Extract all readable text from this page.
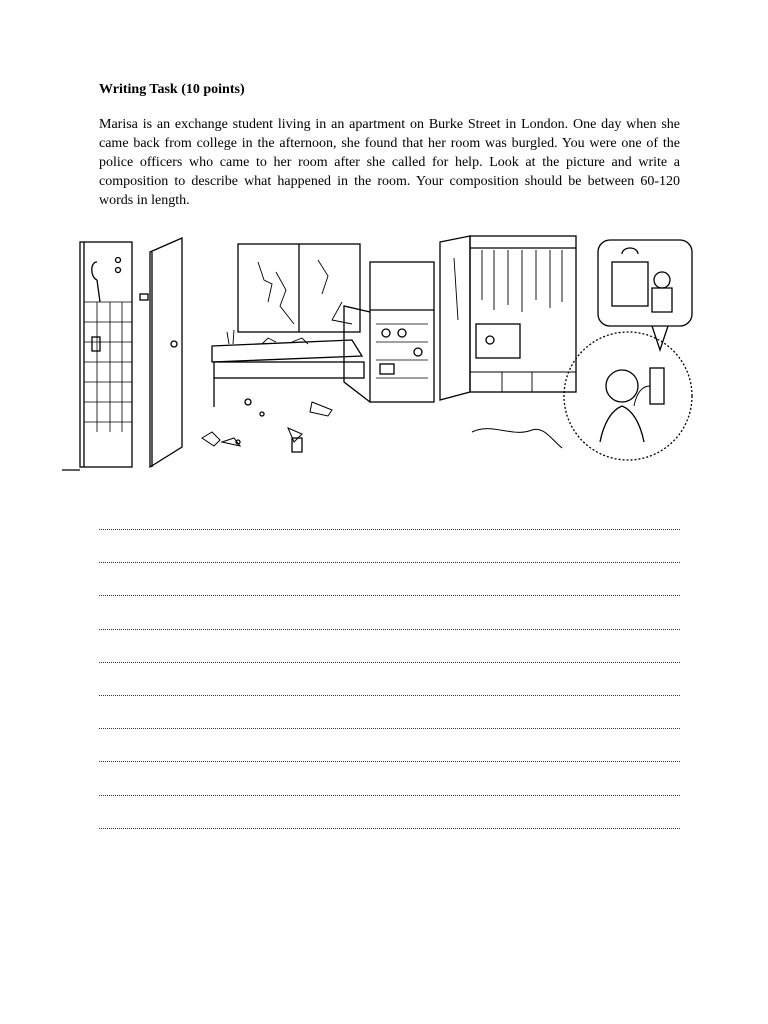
Writing Task (10 points)

Marisa is an exchange student living in an apartment on Burke Street in London. One day when she came back from college in the afternoon, she found that her room was burgled. You were one of the police officers who came to her room after she called for help. Look at the picture and write a composition to describe what happened in the room. Your composition should be between 60-120 words in length.
